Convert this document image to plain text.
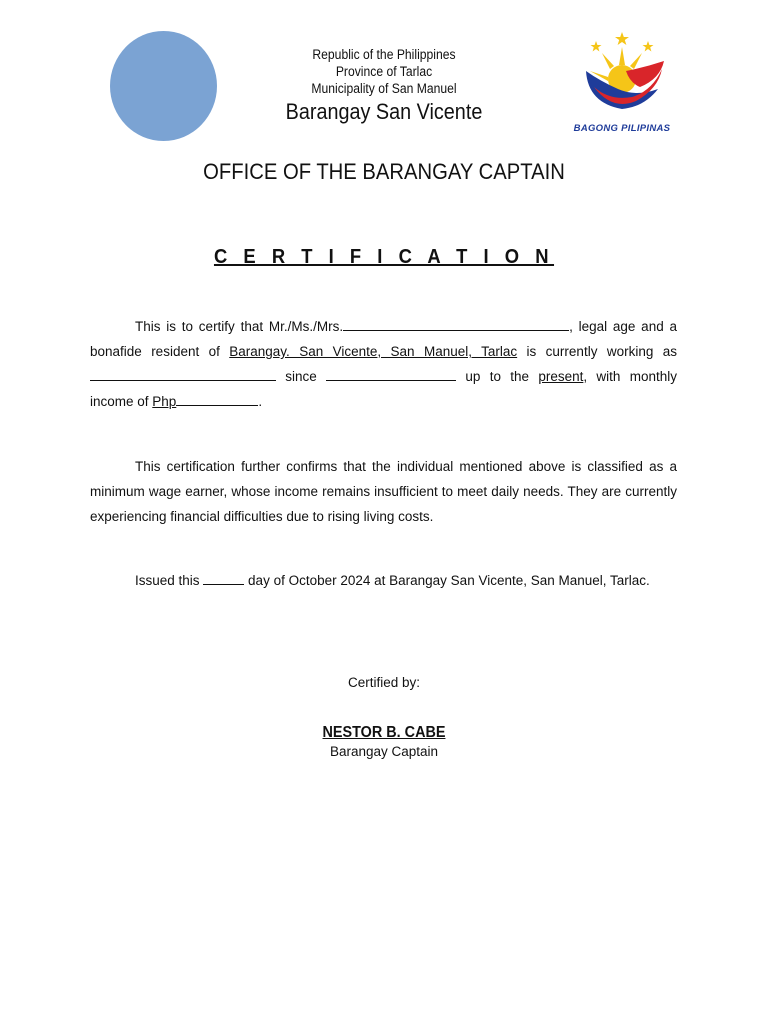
Republic of the Philippines
Province of Tarlac
Municipality of San Manuel
Barangay San Vicente
BAGONG PILIPINAS
OFFICE OF THE BARANGAY CAPTAIN
C E R T I F I C A T I O N
This is to certify that Mr./Ms./Mrs.	, legal age and a bonafide resident of Barangay. San Vicente, San Manuel, Tarlac is currently working as  since	up to the present, with monthly income of Php	.
This certification further confirms that the individual mentioned above is classified as a minimum wage earner, whose income remains insufficient to meet daily needs. They are currently experiencing financial difficulties due to rising living costs.
Issued this	day of October 2024 at Barangay San Vicente, San Manuel, Tarlac.
Certified by:
NESTOR B. CABE
Barangay Captain
